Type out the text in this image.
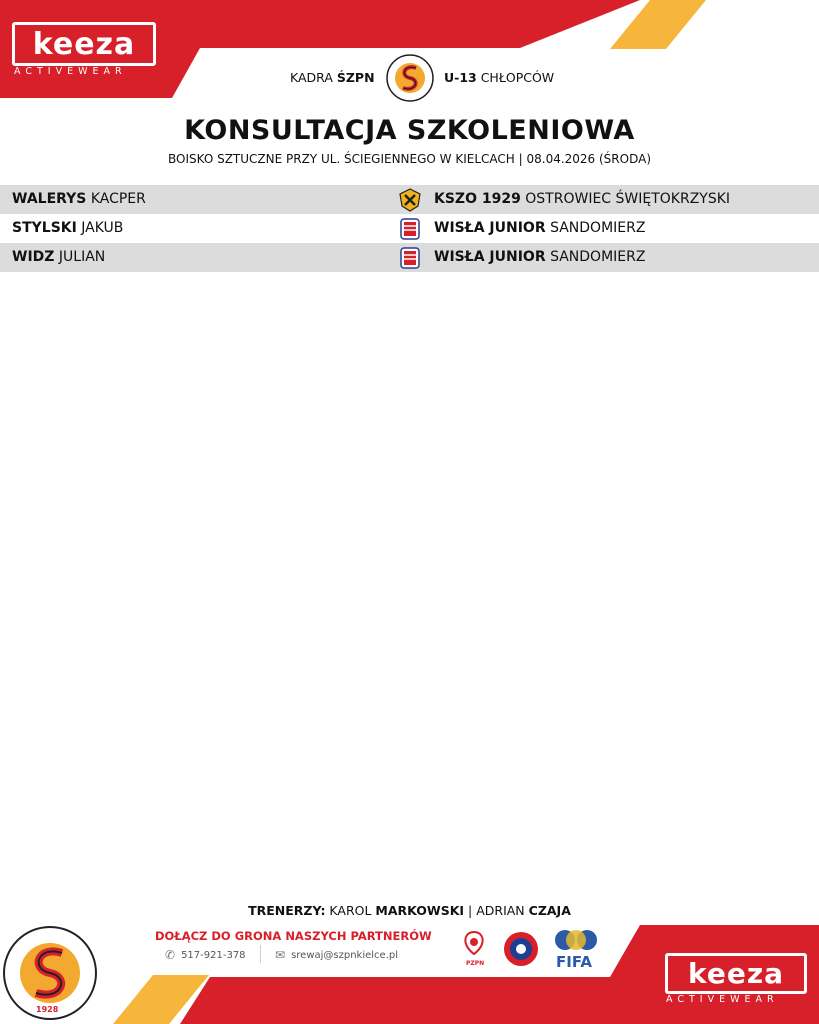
keeza
ACTIVEWEAR	KADRA ŚZPN	U-13 CHŁOPCÓW
KONSULTACJA SZKOLENIOWA
BOISKO SZTUCZNE PRZY UL. ŚCIEGIENNEGO W KIELCACH | 08.04.2026 (ŚRODA)
WALERYS KACPER	KSZO 1929 OSTROWIEC ŚWIĘTOKRZYSKI
STYLSKI JAKUB	WISŁA JUNIOR SANDOMIERZ
WIDZ JULIAN	WISŁA JUNIOR SANDOMIERZ
TRENERZY: KAROL MARKOWSKI | ADRIAN CZAJA
1928
DOŁĄCZ DO GRONA NASZYCH PARTNERÓW
✆ 517-921-378 ✉ srewaj@szpnkielce.pl
PZPN	FIFA	keeza
ACTIVEWEAR
